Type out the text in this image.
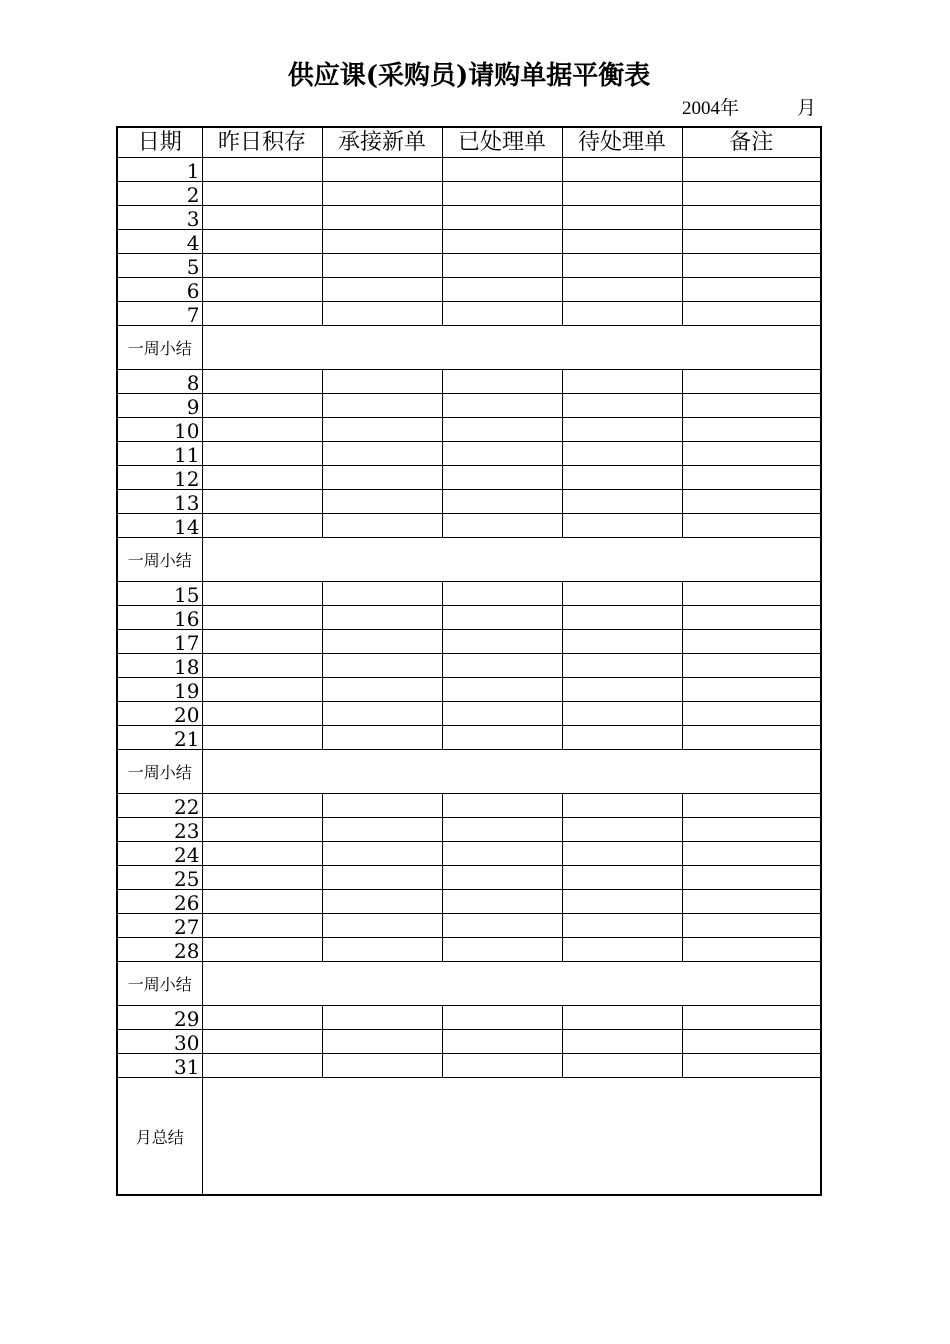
供应课(采购员)请购单据平衡表
2004年	月
日期	昨日积存	承接新单	已处理单	待处理单	备注
1					
2					
3					
4					
5					
6					
7					
一周小结					
8					
9					
10					
11					
12					
13					
14					
一周小结					
15					
16					
17					
18					
19					
20					
21					
一周小结					
22					
23					
24					
25					
26					
27					
28					
一周小结					
29					
30					
31					
月总结					
